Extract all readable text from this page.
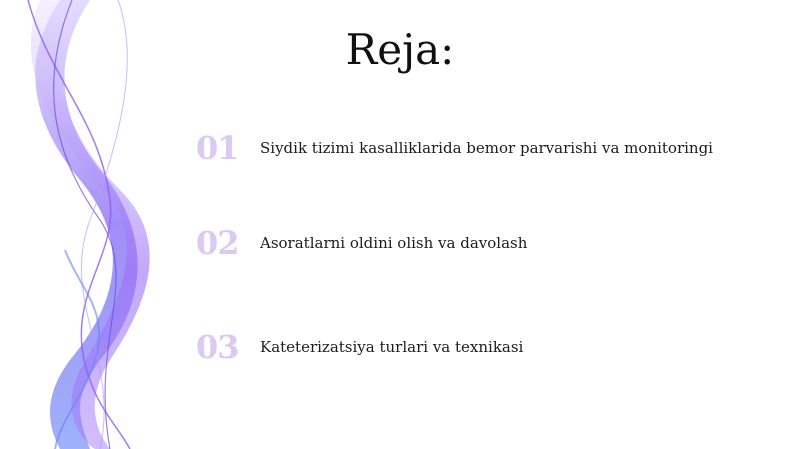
Reja:
01	Siydik tizimi kasalliklarida bemor parvarishi va monitoringi
02	Asoratlarni oldini olish va davolash
03	Kateterizatsiya turlari va texnikasi
